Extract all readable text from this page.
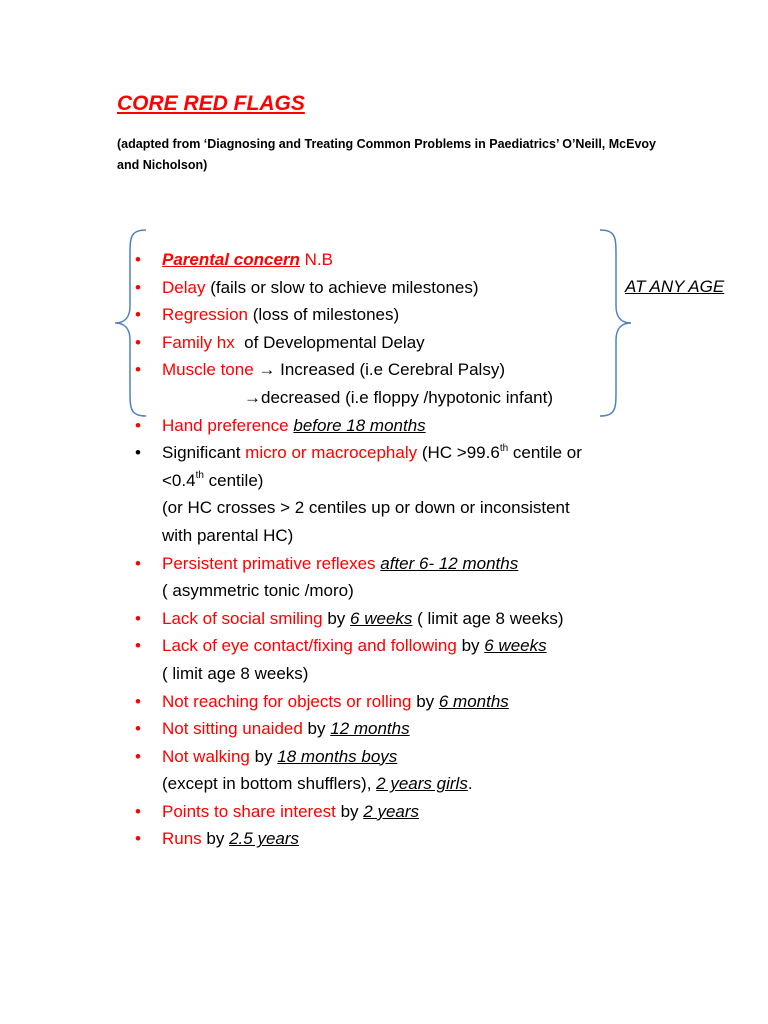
CORE RED FLAGS
(adapted from ‘Diagnosing and Treating Common Problems in Paediatrics’ O’Neill, McEvoy and Nicholson)
AT ANY AGE
•	Parental concern N.B
•	Delay (fails or slow to achieve milestones)
•	Regression (loss of milestones)
•	Family hx  of Developmental Delay
•	Muscle tone → Increased (i.e Cerebral Palsy)
→decreased (i.e floppy /hypotonic infant)
•	Hand preference before 18 months
•	Significant micro or macrocephaly (HC >99.6th centile or
<0.4th centile)
(or HC crosses > 2 centiles up or down or inconsistent
with parental HC)
•	Persistent primative reflexes after 6- 12 months
( asymmetric tonic /moro)
•	Lack of social smiling by 6 weeks ( limit age 8 weeks)
•	Lack of eye contact/fixing and following by 6 weeks
( limit age 8 weeks)
•	Not reaching for objects or rolling by 6 months
•	Not sitting unaided by 12 months
•	Not walking by 18 months boys
(except in bottom shufflers), 2 years girls.
•	Points to share interest by 2 years
•	Runs by 2.5 years
